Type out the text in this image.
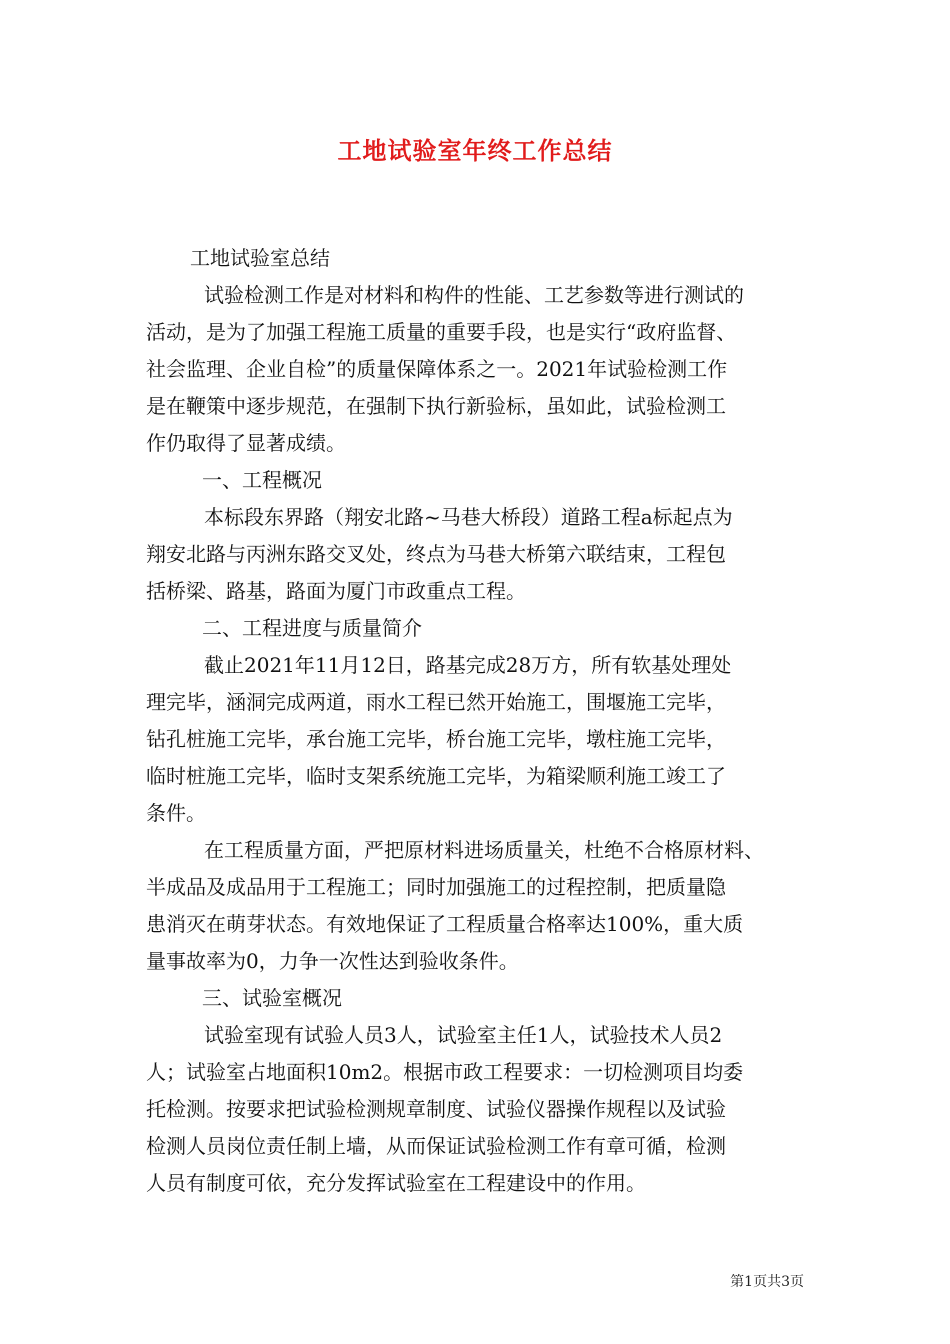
工地试验室年终工作总结
工地试验室总结
试验检测工作是对材料和构件的性能、工艺参数等进行测试的
活动，是为了加强工程施工质量的重要手段，也是实行“政府监督、
社会监理、企业自检”的质量保障体系之一。2021年试验检测工作
是在鞭策中逐步规范，在强制下执行新验标，虽如此，试验检测工
作仍取得了显著成绩。
一、工程概况
本标段东界路（翔安北路~马巷大桥段）道路工程a标起点为
翔安北路与丙洲东路交叉处，终点为马巷大桥第六联结束，工程包
括桥梁、路基，路面为厦门市政重点工程。
二、工程进度与质量简介
截止2021年11月12日，路基完成28万方，所有软基处理处
理完毕，涵洞完成两道，雨水工程已然开始施工，围堰施工完毕，
钻孔桩施工完毕，承台施工完毕，桥台施工完毕，墩柱施工完毕，
临时桩施工完毕，临时支架系统施工完毕，为箱梁顺利施工竣工了
条件。
在工程质量方面，严把原材料进场质量关，杜绝不合格原材料、
半成品及成品用于工程施工；同时加强施工的过程控制，把质量隐
患消灭在萌芽状态。有效地保证了工程质量合格率达100%，重大质
量事故率为0，力争一次性达到验收条件。
三、试验室概况
试验室现有试验人员3人，试验室主任1人，试验技术人员2
人；试验室占地面积10m2。根据市政工程要求：一切检测项目均委
托检测。按要求把试验检测规章制度、试验仪器操作规程以及试验
检测人员岗位责任制上墙，从而保证试验检测工作有章可循，检测
人员有制度可依，充分发挥试验室在工程建设中的作用。
第1页共3页
